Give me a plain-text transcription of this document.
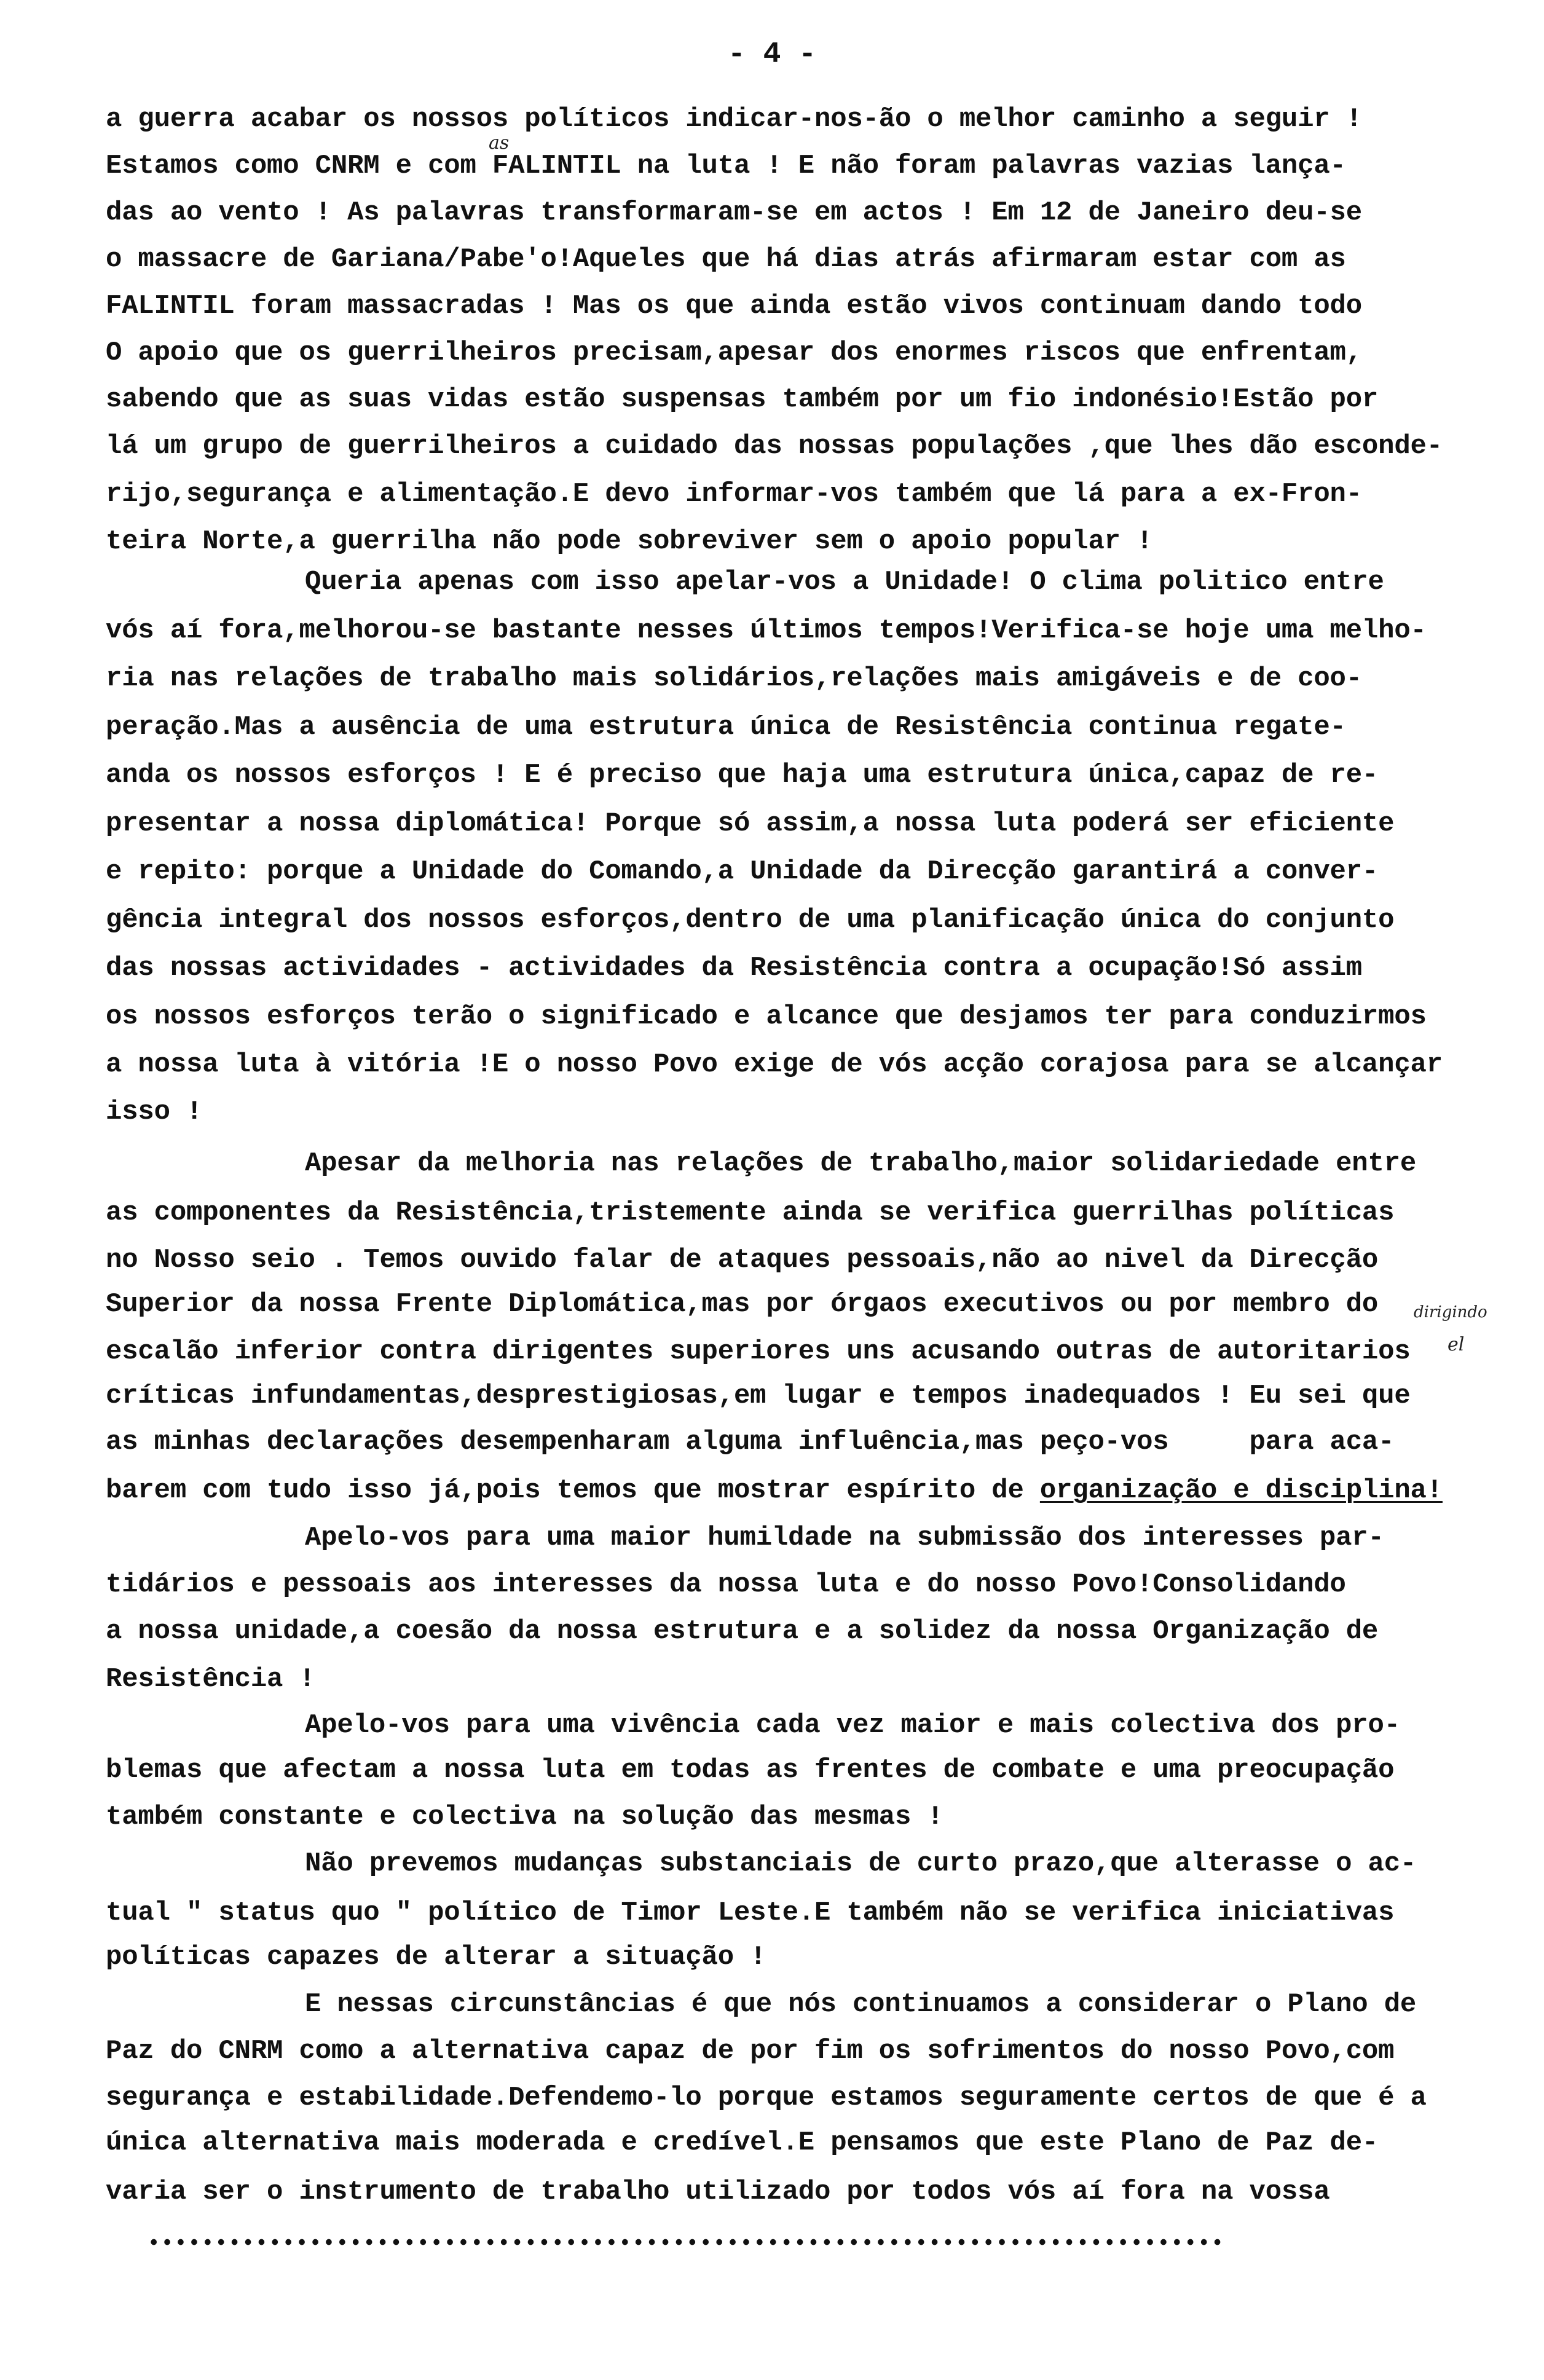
- 4 -
a guerra acabar os nossos políticos indicar-nos-ão o melhor caminho a seguir !
Estamos como CNRM e com FALINTIL na luta ! E não foram palavras vazias lança-
das ao vento ! As palavras transformaram-se em actos ! Em 12 de Janeiro deu-se
o massacre de Gariana/Pabe'o!Aqueles que há dias atrás afirmaram estar com as
FALINTIL foram massacradas ! Mas os que ainda estão vivos continuam dando todo
O apoio que os guerrilheiros precisam,apesar dos enormes riscos que enfrentam,
sabendo que as suas vidas estão suspensas também por um fio indonésio!Estão por
lá um grupo de guerrilheiros a cuidado das nossas populações ,que lhes dão esconde-
rijo,segurança e alimentação.E devo informar-vos também que lá para a ex-Fron-
teira Norte,a guerrilha não pode sobreviver sem o apoio popular !
Queria apenas com isso apelar-vos a Unidade! O clima politico entre
vós aí fora,melhorou-se bastante nesses últimos tempos!Verifica-se hoje uma melho-
ria nas relações de trabalho mais solidários,relações mais amigáveis e de coo-
peração.Mas a ausência de uma estrutura única de Resistência continua regate-
anda os nossos esforços ! E é preciso que haja uma estrutura única,capaz de re-
presentar a nossa diplomática! Porque só assim,a nossa luta poderá ser eficiente
e repito: porque a Unidade do Comando,a Unidade da Direcção garantirá a conver-
gência integral dos nossos esforços,dentro de uma planificação única do conjunto
das nossas actividades - actividades da Resistência contra a ocupação!Só assim
os nossos esforços terão o significado e alcance que desjamos ter para conduzirmos
a nossa luta à vitória !E o nosso Povo exige de vós acção corajosa para se alcançar
isso !
Apesar da melhoria nas relações de trabalho,maior solidariedade entre
as componentes da Resistência,tristemente ainda se verifica guerrilhas políticas
no Nosso seio . Temos ouvido falar de ataques pessoais,não ao nivel da Direcção
Superior da nossa Frente Diplomática,mas por órgaos executivos ou por membro do
escalão inferior contra dirigentes superiores uns acusando outras de autoritarios
críticas infundamentas,desprestigiosas,em lugar e tempos inadequados ! Eu sei que
as minhas declarações desempenharam alguma influência,mas peço-vos     para aca-
barem com tudo isso já,pois temos que mostrar espírito de organização e disciplina!
Apelo-vos para uma maior humildade na submissão dos interesses par-
tidários e pessoais aos interesses da nossa luta e do nosso Povo!Consolidando
a nossa unidade,a coesão da nossa estrutura e a solidez da nossa Organização de
Resistência !
Apelo-vos para uma vivência cada vez maior e mais colectiva dos pro-
blemas que afectam a nossa luta em todas as frentes de combate e uma preocupação
também constante e colectiva na solução das mesmas !
Não prevemos mudanças substanciais de curto prazo,que alterasse o ac-
tual " status quo " político de Timor Leste.E também não se verifica iniciativas
políticas capazes de alterar a situação !
E nessas circunstâncias é que nós continuamos a considerar o Plano de
Paz do CNRM como a alternativa capaz de por fim os sofrimentos do nosso Povo,com
segurança e estabilidade.Defendemo-lo porque estamos seguramente certos de que é a
única alternativa mais moderada e credível.E pensamos que este Plano de Paz de-
varia ser o instrumento de trabalho utilizado por todos vós aí fora na vossa
as
dirigindo
el
••••••••••••••••••••••••••••••••••••••••••••••••••••••••••••••••••••••••••••••••
